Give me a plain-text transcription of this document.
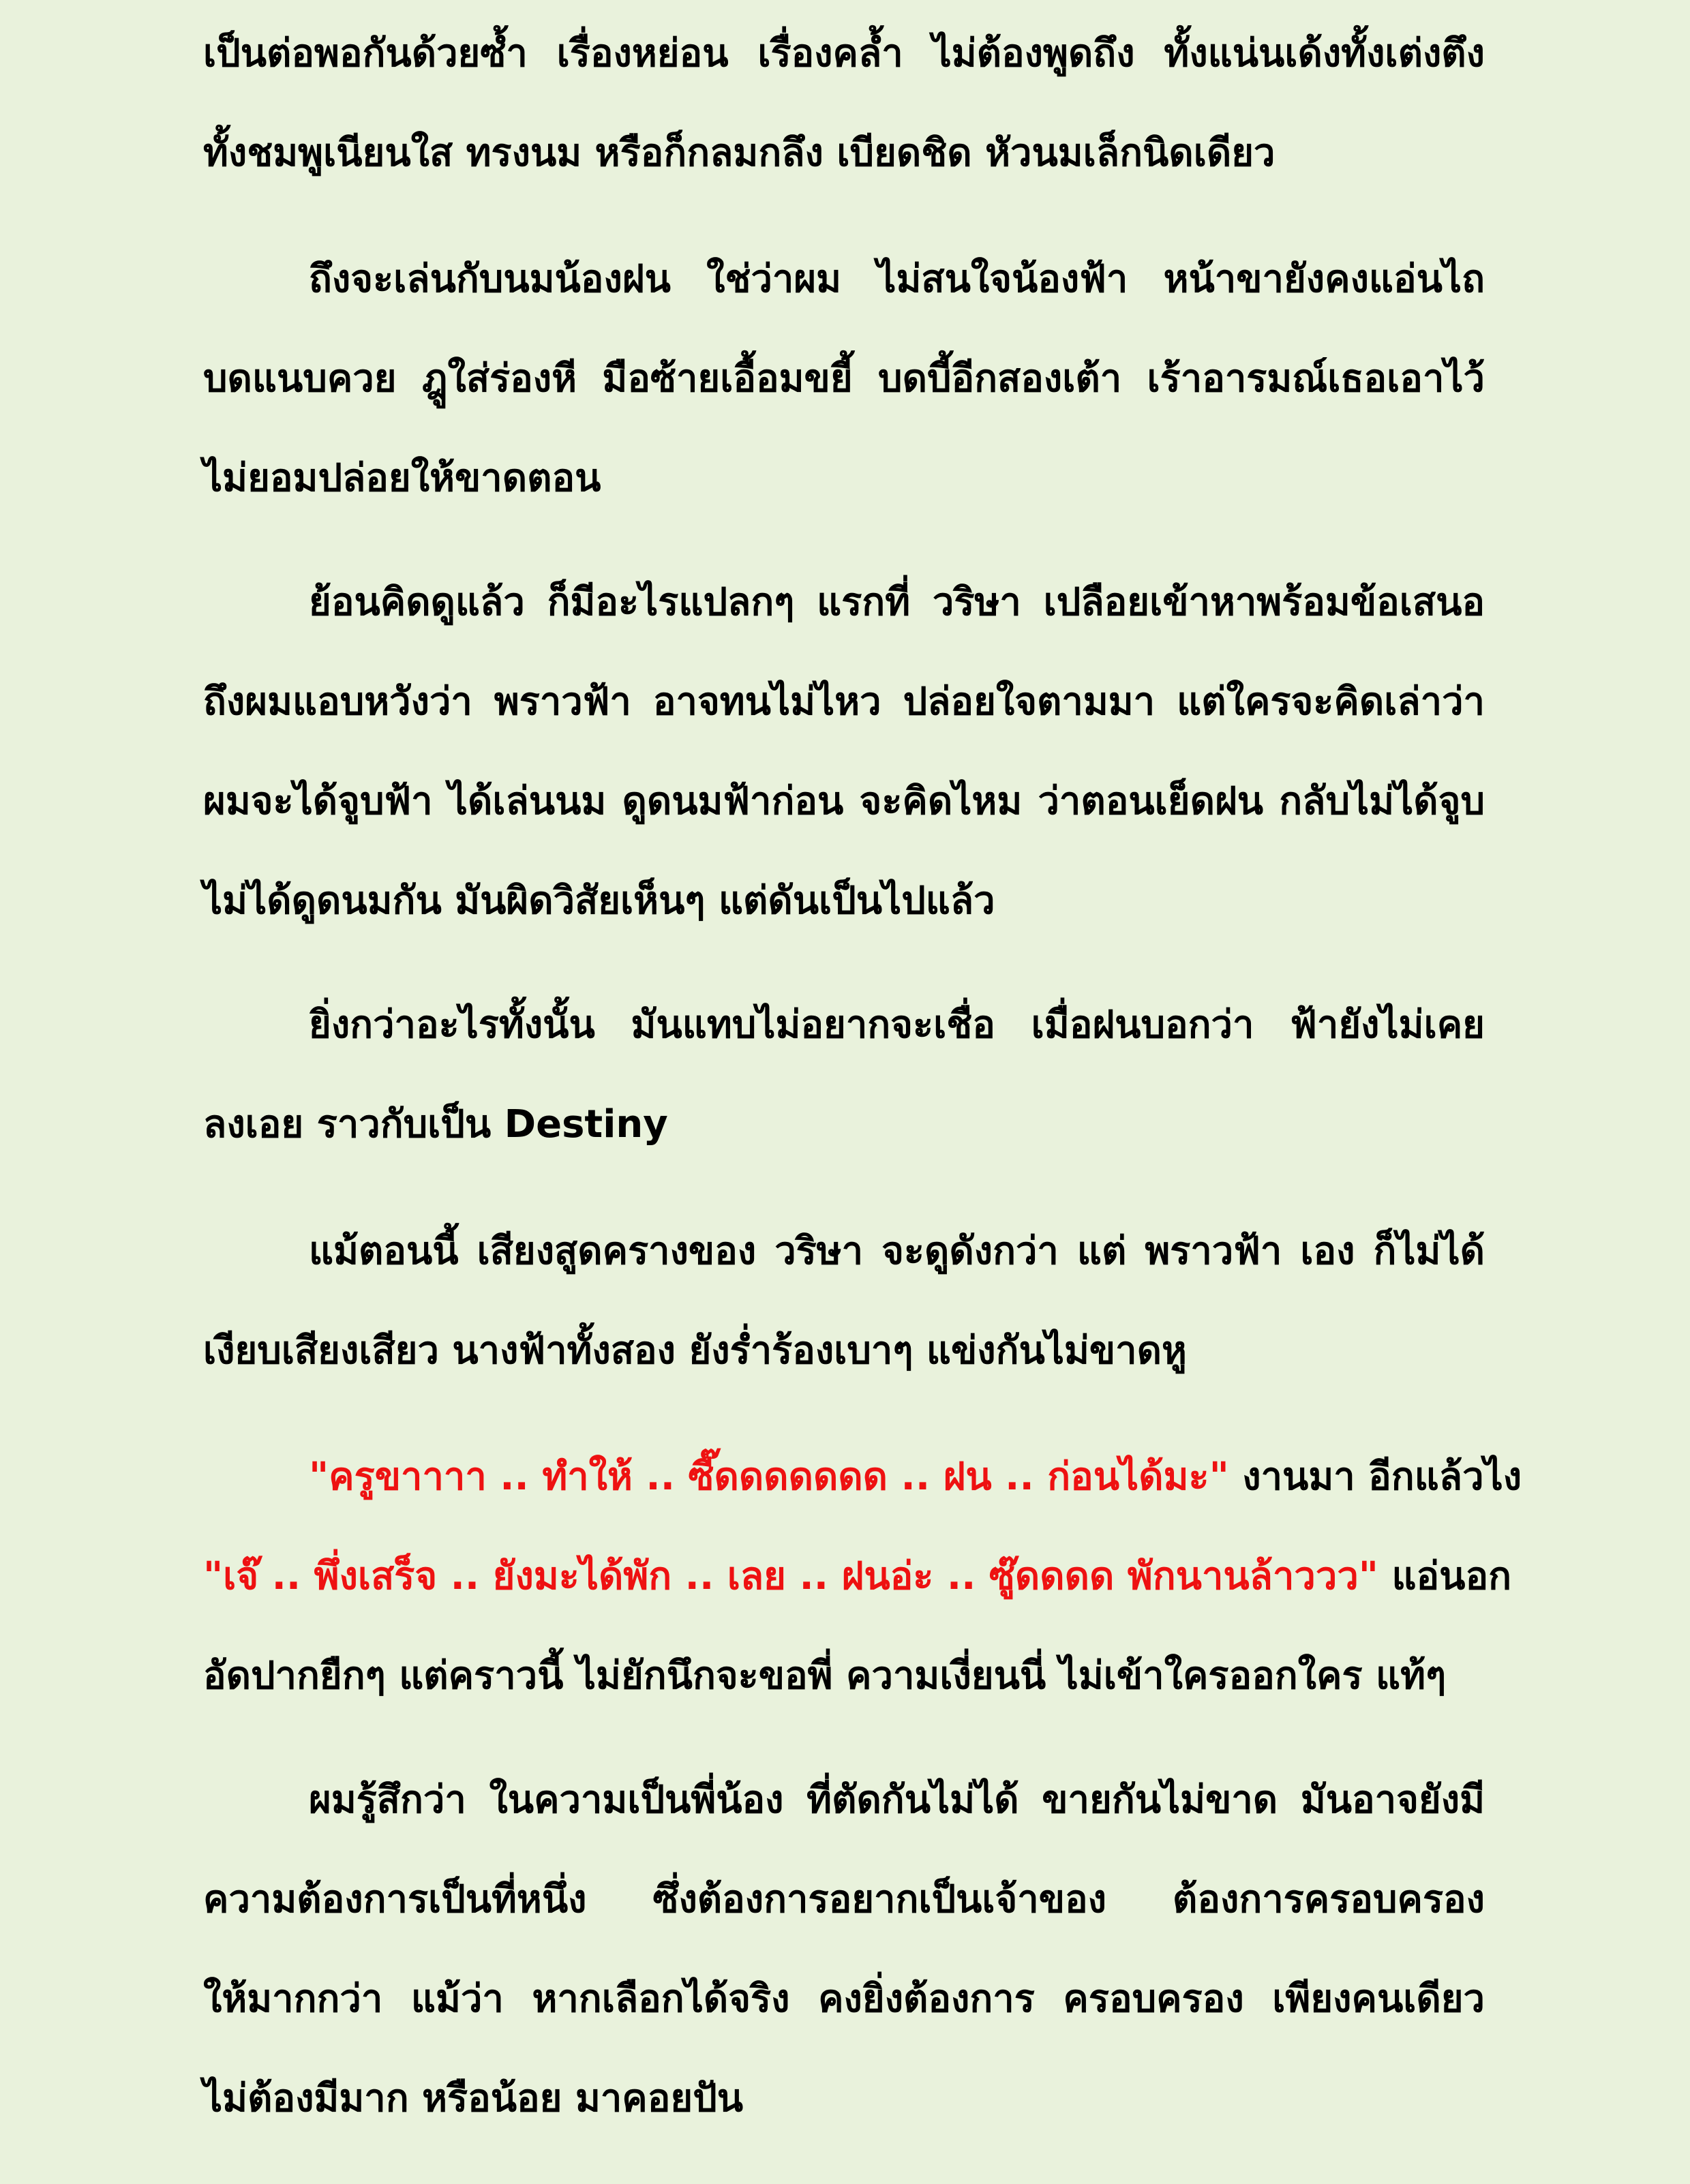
เป็นต่อพอกันด้วยซ้ำ เรื่องหย่อน เรื่องคล้ำ ไม่ต้องพูดถึง ทั้งแน่นเด้งทั้งเต่งตึง
ทั้งชมพูเนียนใส ทรงนม หรือก็กลมกลึง เบียดชิด หัวนมเล็กนิดเดียว
ถึงจะเล่นกับนมน้องฝน ใช่ว่าผม ไม่สนใจน้องฟ้า หน้าขายังคงแอ่นไถ
บดแนบควย ฎูใส่ร่องหี มือซ้ายเอื้อมขยี้ บดบี้อีกสองเต้า เร้าอารมณ์เธอเอาไว้
ไม่ยอมปล่อยให้ขาดตอน
ย้อนคิดดูแล้ว ก็มีอะไรแปลกๆ แรกที่ วริษา เปลือยเข้าหาพร้อมข้อเสนอ
ถึงผมแอบหวังว่า พราวฟ้า อาจทนไม่ไหว ปล่อยใจตามมา แต่ใครจะคิดเล่าว่า
ผมจะได้จูบฟ้า ได้เล่นนม ดูดนมฟ้าก่อน จะคิดไหม ว่าตอนเย็ดฝน กลับไม่ได้จูบ
ไม่ได้ดูดนมกัน มันผิดวิสัยเห็นๆ แต่ดันเป็นไปแล้ว
ยิ่งกว่าอะไรทั้งนั้น มันแทบไม่อยากจะเชื่อ เมื่อฝนบอกว่า ฟ้ายังไม่เคย
ลงเอย ราวกับเป็น Destiny
แม้ตอนนี้ เสียงสูดครางของ วริษา จะดูดังกว่า แต่ พราวฟ้า เอง ก็ไม่ได้
เงียบเสียงเสียว นางฟ้าทั้งสอง ยังร่ำร้องเบาๆ แข่งกันไม่ขาดหู
"ครูขาาาา .. ทำให้ .. ซี๊ดดดดดดด .. ฝน .. ก่อนได้มะ" งานมา อีกแล้วไง
"เจ๊ .. พึ่งเสร็จ .. ยังมะได้พัก .. เลย .. ฝนอ่ะ .. ซู๊ดดดด พักนานล้าววว" แอ่นอก
อัดปากยืกๆ แต่คราวนี้ ไม่ยักนึกจะขอพี่ ความเงี่ยนนี่ ไม่เข้าใครออกใคร แท้ๆ
ผมรู้สึกว่า ในความเป็นพี่น้อง ที่ตัดกันไม่ได้ ขายกันไม่ขาด มันอาจยังมี
ความต้องการเป็นที่หนึ่ง ซึ่งต้องการอยากเป็นเจ้าของ ต้องการครอบครอง
ให้มากกว่า แม้ว่า หากเลือกได้จริง คงยิ่งต้องการ ครอบครอง เพียงคนเดียว
ไม่ต้องมีมาก หรือน้อย มาคอยปัน
